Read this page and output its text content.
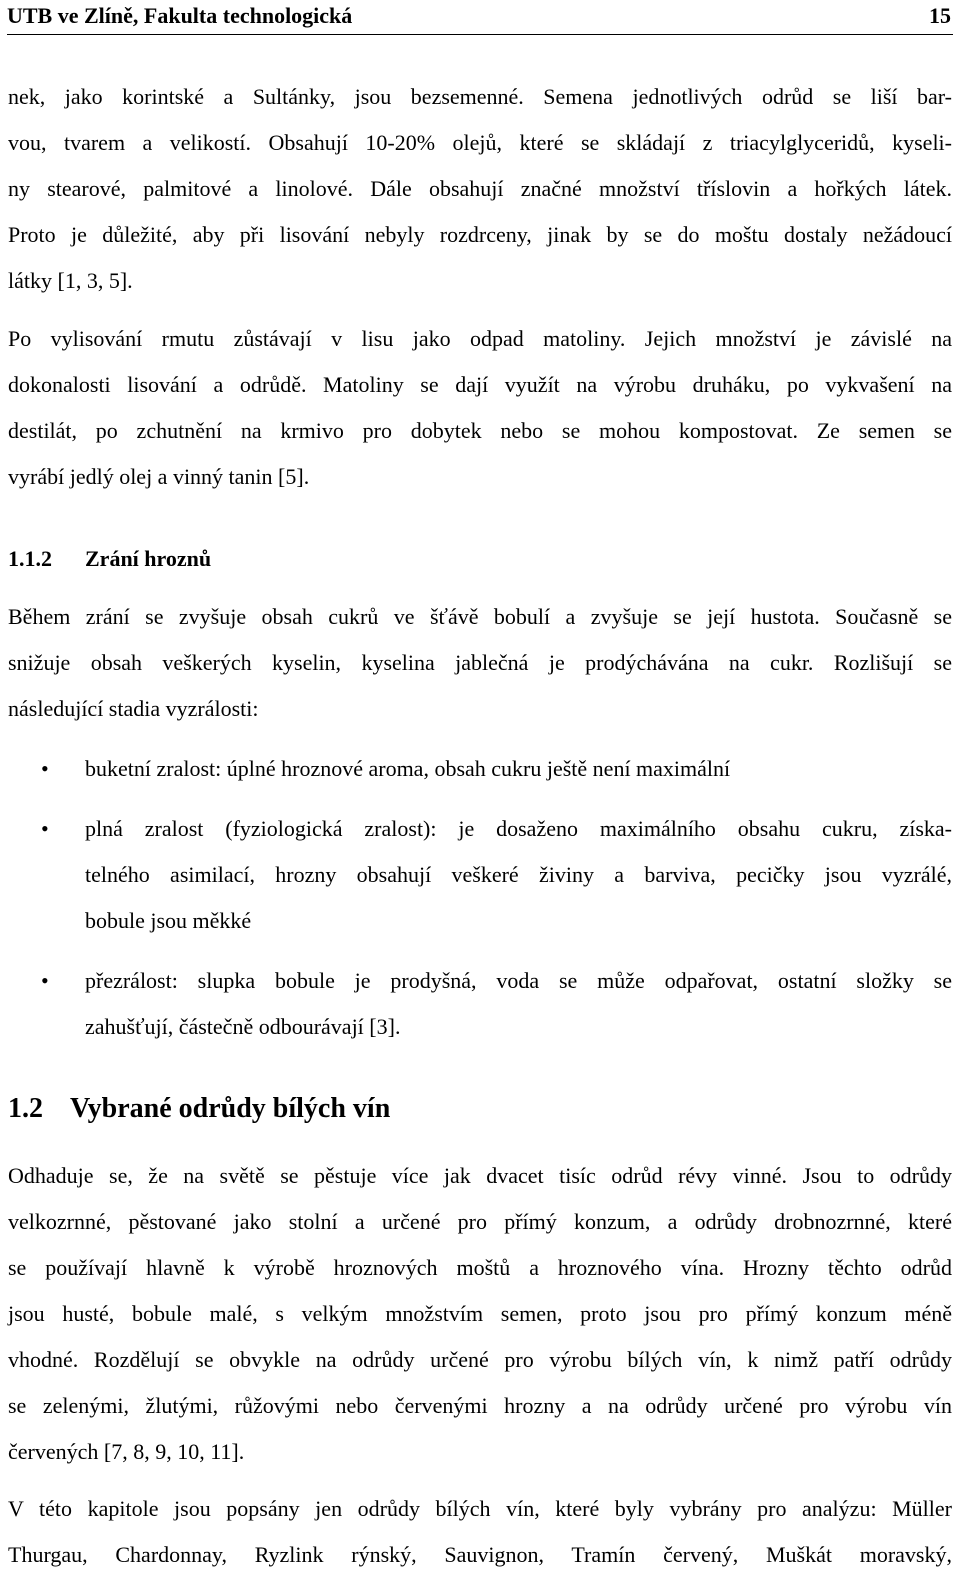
UTB ve Zlíně, Fakulta technologická	15

nek, jako korintské a Sultánky, jsou bezsemenné. Semena jednotlivých odrůd se liší bar-

vou, tvarem a velikostí. Obsahují 10-20% olejů, které se skládají z triacylglyceridů, kyseli-

ny stearové, palmitové a linolové. Dále obsahují značné množství tříslovin a hořkých látek.

Proto je důležité, aby při lisování nebyly rozdrceny, jinak by se do moštu dostaly nežádoucí

látky [1, 3, 5].

Po vylisování rmutu zůstávají v lisu jako odpad matoliny. Jejich množství je závislé na

dokonalosti lisování a odrůdě. Matoliny se dají využít na výrobu druháku, po vykvašení na

destilát, po zchutnění na krmivo pro dobytek nebo se mohou kompostovat. Ze semen se

vyrábí jedlý olej a vinný tanin [5].

1.1.2 Zrání hroznů

Během zrání se zvyšuje obsah cukrů ve šťávě bobulí a zvyšuje se její hustota. Současně se

snižuje obsah veškerých kyselin, kyselina jablečná je prodýchávána na cukr. Rozlišují se

následující stadia vyzrálosti:

• buketní zralost: úplné hroznové aroma, obsah cukru ještě není maximální

• plná zralost (fyziologická zralost): je dosaženo maximálního obsahu cukru, získa-

telného asimilací, hrozny obsahují veškeré živiny a barviva, pecičky jsou vyzrálé,

bobule jsou měkké

• přezrálost: slupka bobule je prodyšná, voda se může odpařovat, ostatní složky se

zahušťují, částečně odbourávají [3].

1.2 Vybrané odrůdy bílých vín

Odhaduje se, že na světě se pěstuje více jak dvacet tisíc odrůd révy vinné. Jsou to odrůdy

velkozrnné, pěstované jako stolní a určené pro přímý konzum, a odrůdy drobnozrnné, které

se používají hlavně k výrobě hroznových moštů a hroznového vína. Hrozny těchto odrůd

jsou husté, bobule malé, s velkým množstvím semen, proto jsou pro přímý konzum méně

vhodné. Rozdělují se obvykle na odrůdy určené pro výrobu bílých vín, k nimž patří odrůdy

se zelenými, žlutými, růžovými nebo červenými hrozny a na odrůdy určené pro výrobu vín

červených [7, 8, 9, 10, 11].

V této kapitole jsou popsány jen odrůdy bílých vín, které byly vybrány pro analýzu: Müller

Thurgau, Chardonnay, Ryzlink rýnský, Sauvignon, Tramín červený, Muškát moravský,
